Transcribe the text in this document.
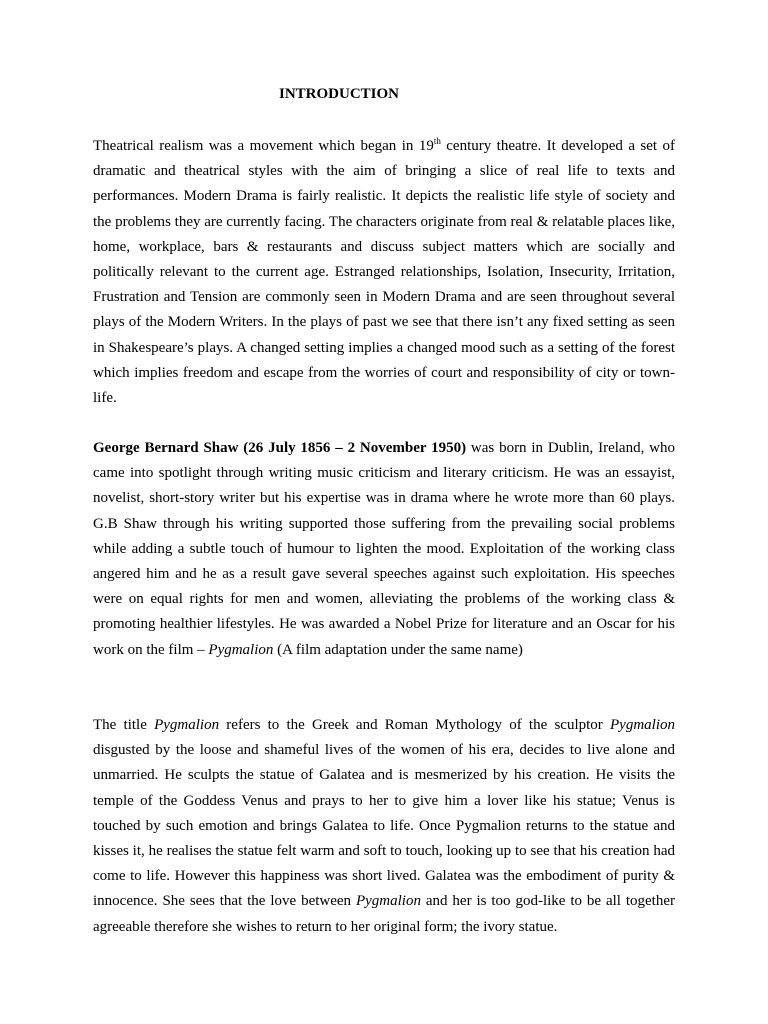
INTRODUCTION

Theatrical realism was a movement which began in 19th century theatre. It developed a set of dramatic and theatrical styles with the aim of bringing a slice of real life to texts and performances. Modern Drama is fairly realistic. It depicts the realistic life style of society and the problems they are currently facing. The characters originate from real & relatable places like, home, workplace, bars & restaurants and discuss subject matters which are socially and politically relevant to the current age. Estranged relationships, Isolation, Insecurity, Irritation, Frustration and Tension are commonly seen in Modern Drama and are seen throughout several plays of the Modern Writers. In the plays of past we see that there isn’t any fixed setting as seen in Shakespeare’s plays. A changed setting implies a changed mood such as a setting of the forest which implies freedom and escape from the worries of court and responsibility of city or town-life.

George Bernard Shaw (26 July 1856 – 2 November 1950) was born in Dublin, Ireland, who came into spotlight through writing music criticism and literary criticism. He was an essayist, novelist, short-story writer but his expertise was in drama where he wrote more than 60 plays. G.B Shaw through his writing supported those suffering from the prevailing social problems while adding a subtle touch of humour to lighten the mood. Exploitation of the working class angered him and he as a result gave several speeches against such exploitation. His speeches were on equal rights for men and women, alleviating the problems of the working class & promoting healthier lifestyles. He was awarded a Nobel Prize for literature and an Oscar for his work on the film – Pygmalion (A film adaptation under the same name)

The title Pygmalion refers to the Greek and Roman Mythology of the sculptor Pygmalion disgusted by the loose and shameful lives of the women of his era, decides to live alone and unmarried. He sculpts the statue of Galatea and is mesmerized by his creation. He visits the temple of the Goddess Venus and prays to her to give him a lover like his statue; Venus is touched by such emotion and brings Galatea to life. Once Pygmalion returns to the statue and kisses it, he realises the statue felt warm and soft to touch, looking up to see that his creation had come to life. However this happiness was short lived. Galatea was the embodiment of purity & innocence. She sees that the love between Pygmalion and her is too god-like to be all together agreeable therefore she wishes to return to her original form; the ivory statue.
